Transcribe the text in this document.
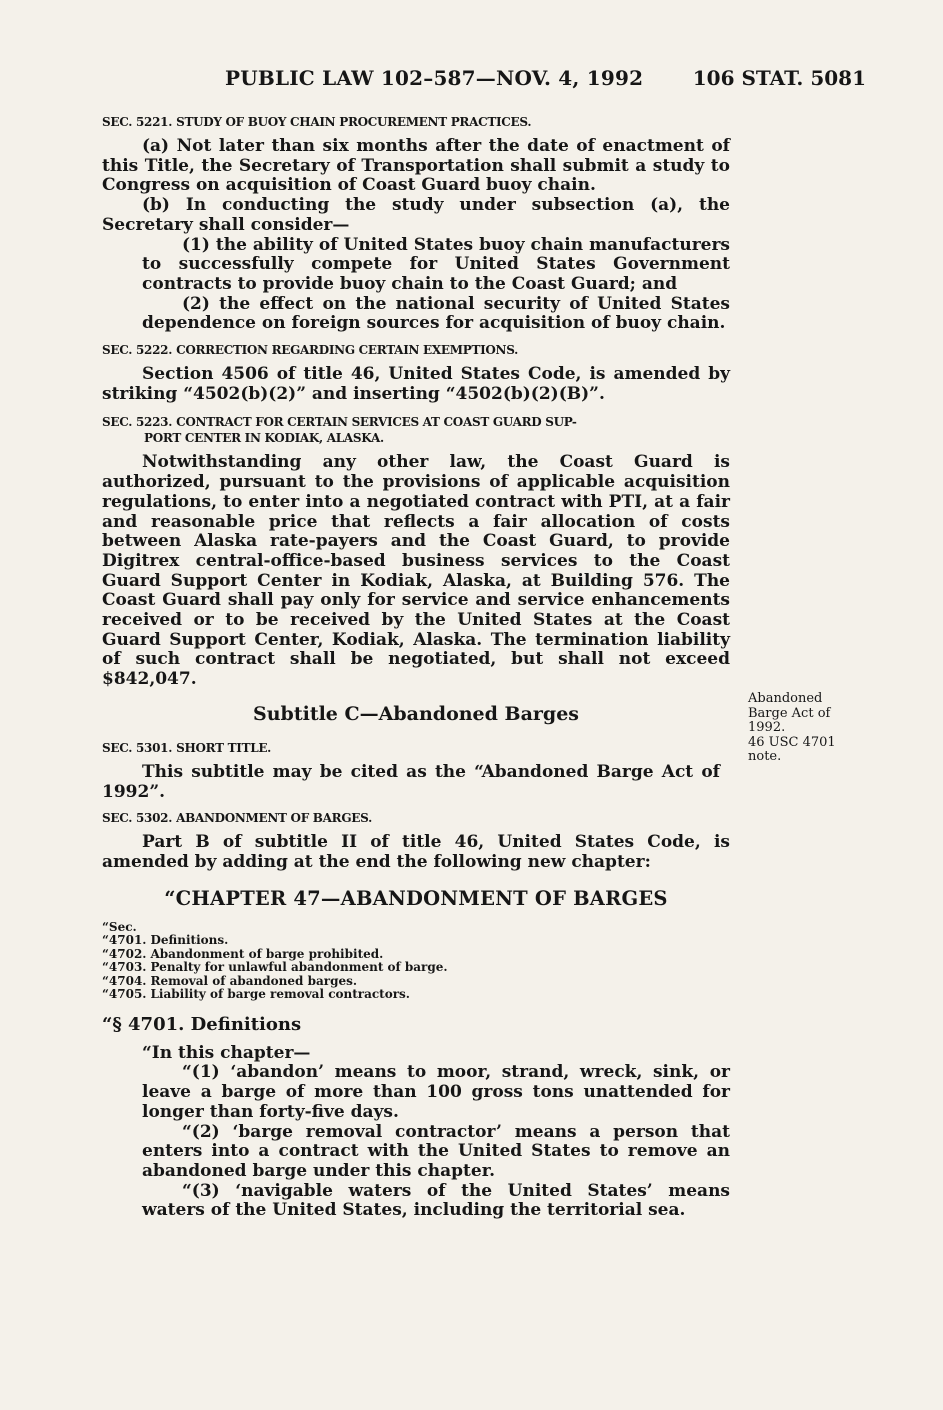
PUBLIC LAW 102–587—NOV. 4, 1992 106 STAT. 5081
Abandoned
Barge Act of
1992.
46 USC 4701
note.
SEC. 5221. STUDY OF BUOY CHAIN PROCUREMENT PRACTICES.

(a) Not later than six months after the date of enactment of this Title, the Secretary of Transportation shall submit a study to Congress on acquisition of Coast Guard buoy chain.

(b) In conducting the study under subsection (a), the Secretary shall consider—

(1) the ability of United States buoy chain manufacturers to successfully compete for United States Government contracts to provide buoy chain to the Coast Guard; and

(2) the effect on the national security of United States dependence on foreign sources for acquisition of buoy chain.

SEC. 5222. CORRECTION REGARDING CERTAIN EXEMPTIONS.

Section 4506 of title 46, United States Code, is amended by striking “4502(b)(2)” and inserting “4502(b)(2)(B)”.

SEC. 5223. CONTRACT FOR CERTAIN SERVICES AT COAST GUARD SUP-
PORT CENTER IN KODIAK, ALASKA.

Notwithstanding any other law, the Coast Guard is authorized, pursuant to the provisions of applicable acquisition regulations, to enter into a negotiated contract with PTI, at a fair and reasonable price that reflects a fair allocation of costs between Alaska rate-payers and the Coast Guard, to provide Digitrex central-office-based business services to the Coast Guard Support Center in Kodiak, Alaska, at Building 576. The Coast Guard shall pay only for service and service enhancements received or to be received by the United States at the Coast Guard Support Center, Kodiak, Alaska. The termination liability of such contract shall be negotiated, but shall not exceed $842,047.

Subtitle C—Abandoned Barges
SEC. 5301. SHORT TITLE.

This subtitle may be cited as the “Abandoned Barge Act of 1992”.

SEC. 5302. ABANDONMENT OF BARGES.

Part B of subtitle II of title 46, United States Code, is amended by adding at the end the following new chapter:

“CHAPTER 47—ABANDONMENT OF BARGES
“Sec.
“4701. Definitions.
“4702. Abandonment of barge prohibited.
“4703. Penalty for unlawful abandonment of barge.
“4704. Removal of abandoned barges.
“4705. Liability of barge removal contractors.
“§ 4701. Definitions

“In this chapter—

“(1) ‘abandon’ means to moor, strand, wreck, sink, or leave a barge of more than 100 gross tons unattended for longer than forty-five days.

“(2) ‘barge removal contractor’ means a person that enters into a contract with the United States to remove an abandoned barge under this chapter.

“(3) ‘navigable waters of the United States’ means waters of the United States, including the territorial sea.
